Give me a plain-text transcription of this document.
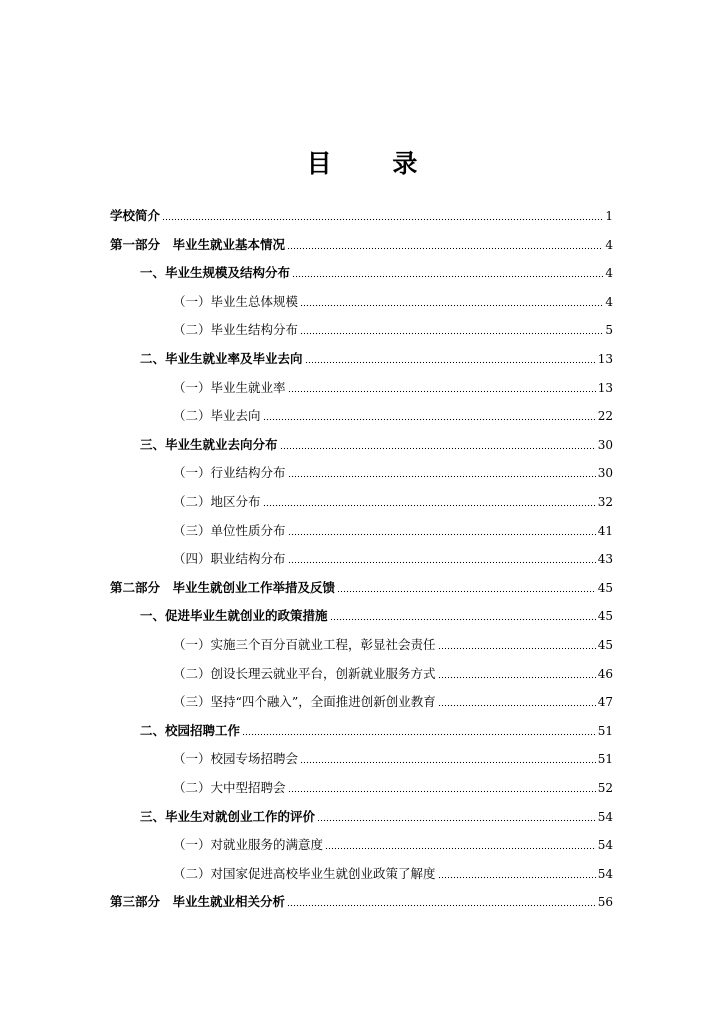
目 录
学校简介	1
第一部分　毕业生就业基本情况	4
一、毕业生规模及结构分布	4
（一）毕业生总体规模	4
（二）毕业生结构分布	5
二、毕业生就业率及毕业去向	13
（一）毕业生就业率	13
（二）毕业去向	22
三、毕业生就业去向分布	30
（一）行业结构分布	30
（二）地区分布	32
（三）单位性质分布	41
（四）职业结构分布	43
第二部分　毕业生就创业工作举措及反馈	45
一、促进毕业生就创业的政策措施	45
（一）实施三个百分百就业工程，彰显社会责任	45
（二）创设长理云就业平台，创新就业服务方式	46
（三）坚持“四个融入”，全面推进创新创业教育	47
二、校园招聘工作	51
（一）校园专场招聘会	51
（二）大中型招聘会	52
三、毕业生对就创业工作的评价	54
（一）对就业服务的满意度	54
（二）对国家促进高校毕业生就创业政策了解度	54
第三部分　毕业生就业相关分析	56
